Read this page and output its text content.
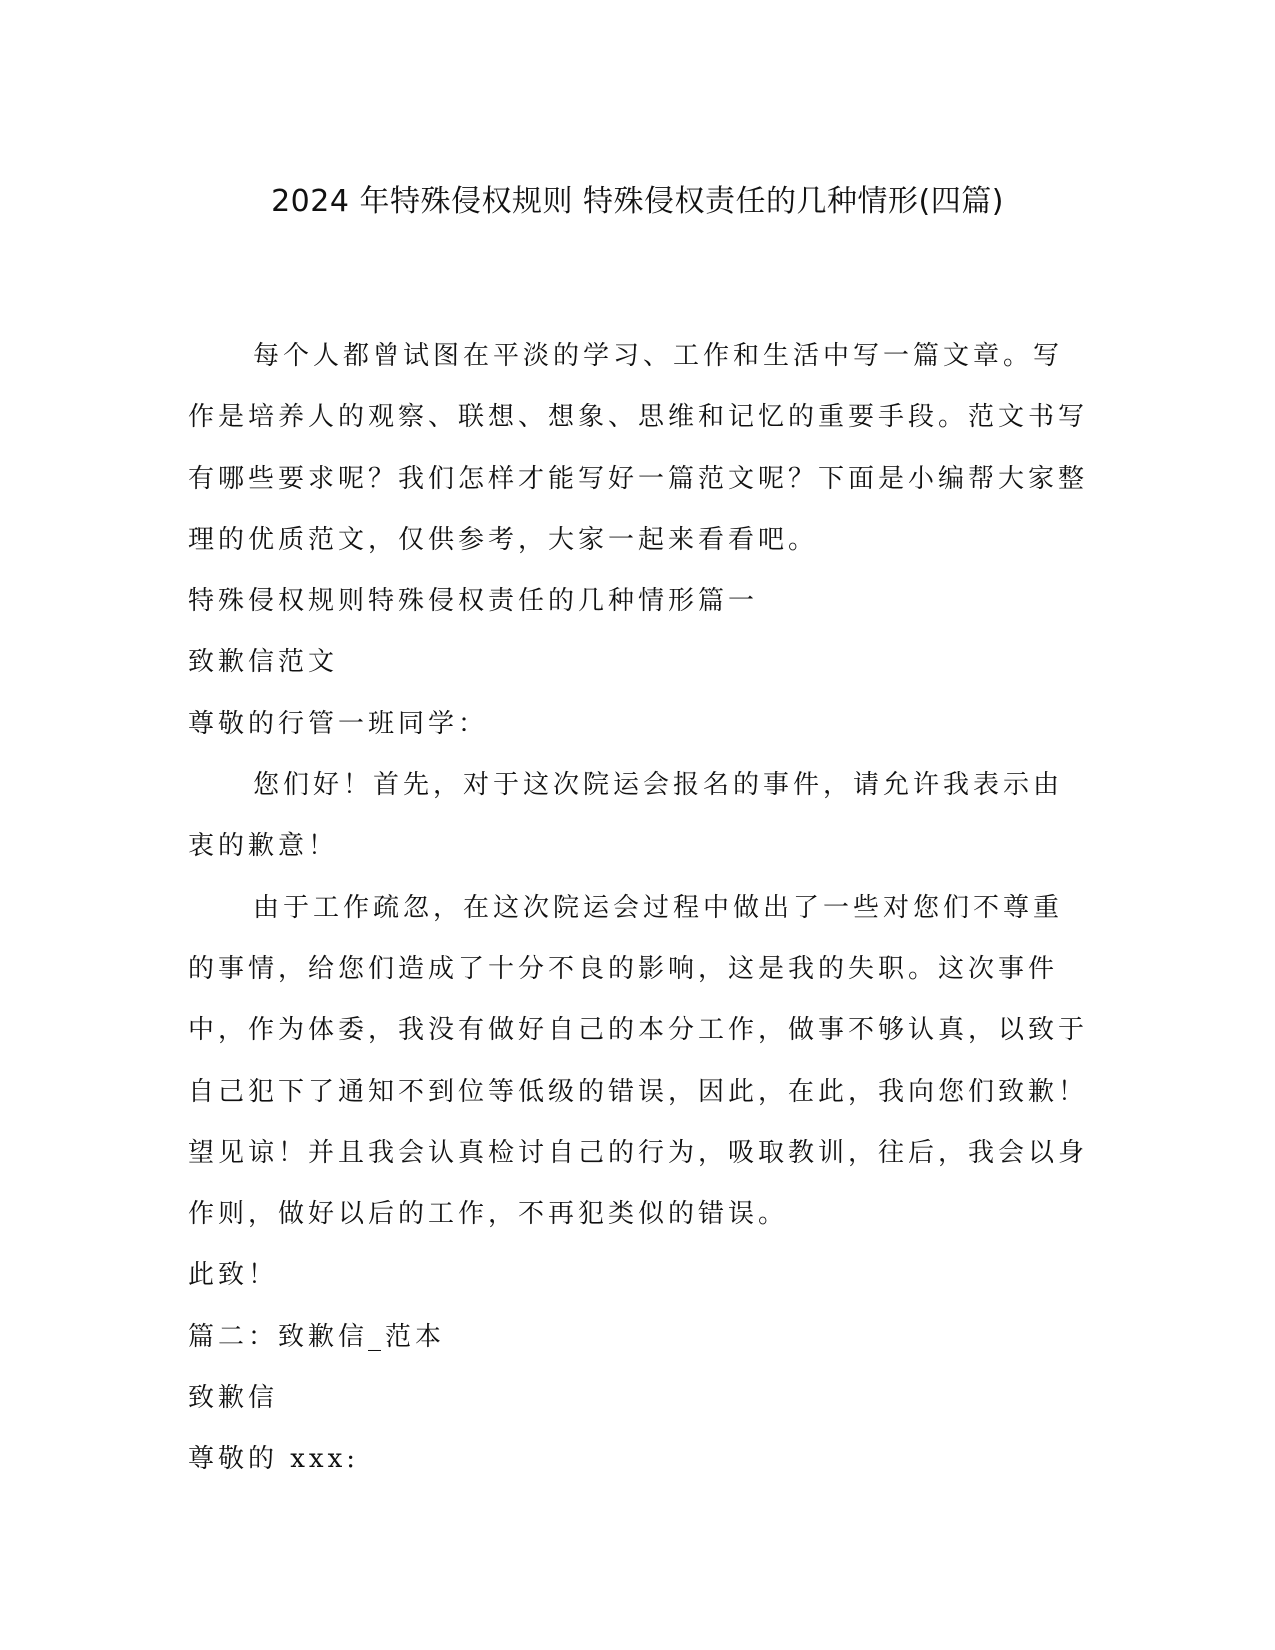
2024 年特殊侵权规则 特殊侵权责任的几种情形(四篇)

每个人都曾试图在平淡的学习、工作和生活中写一篇文章。写作是培养人的观察、联想、想象、思维和记忆的重要手段。范文书写有哪些要求呢？我们怎样才能写好一篇范文呢？下面是小编帮大家整理的优质范文，仅供参考，大家一起来看看吧。

特殊侵权规则特殊侵权责任的几种情形篇一

致歉信范文

尊敬的行管一班同学：

您们好！首先，对于这次院运会报名的事件，请允许我表示由衷的歉意！

由于工作疏忽，在这次院运会过程中做出了一些对您们不尊重的事情，给您们造成了十分不良的影响，这是我的失职。这次事件中，作为体委，我没有做好自己的本分工作，做事不够认真，以致于自己犯下了通知不到位等低级的错误，因此，在此，我向您们致歉！望见谅！并且我会认真检讨自己的行为，吸取教训，往后，我会以身作则，做好以后的工作，不再犯类似的错误。

此致！

篇二：致歉信_范本

致歉信

尊敬的 xxx:
